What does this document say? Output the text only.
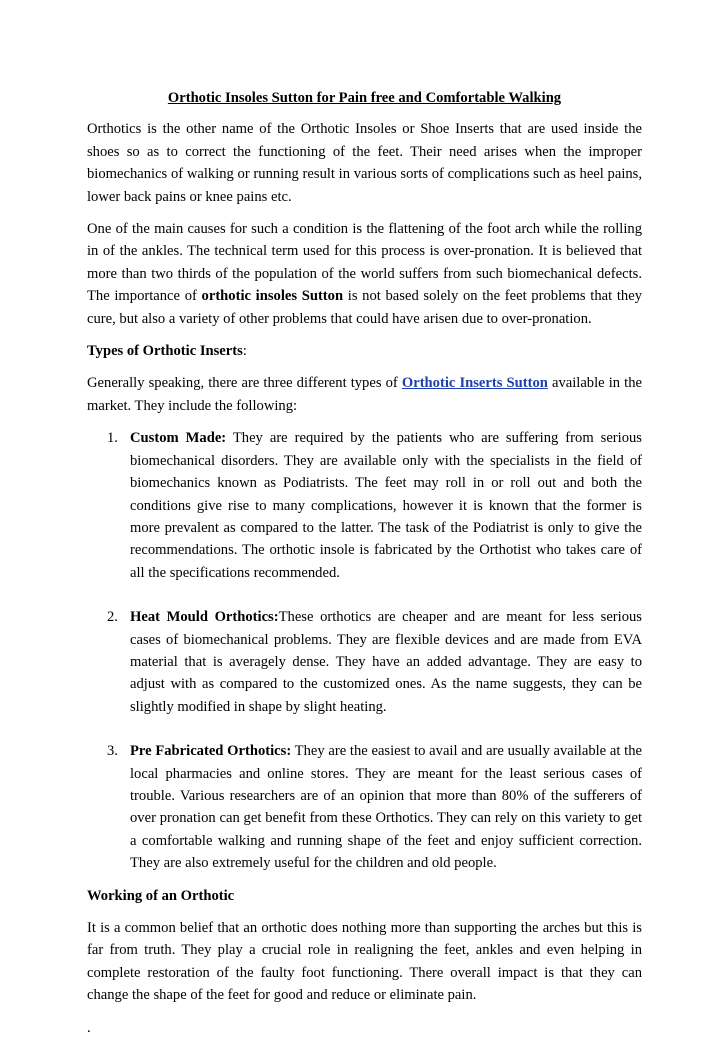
Orthotic Insoles Sutton for Pain free and Comfortable Walking

Orthotics is the other name of the Orthotic Insoles or Shoe Inserts that are used inside the shoes so as to correct the functioning of the feet. Their need arises when the improper biomechanics of walking or running result in various sorts of complications such as heel pains, lower back pains or knee pains etc.

One of the main causes for such a condition is the flattening of the foot arch while the rolling in of the ankles. The technical term used for this process is over-pronation. It is believed that more than two thirds of the population of the world suffers from such biomechanical defects. The importance of orthotic insoles Sutton is not based solely on the feet problems that they cure, but also a variety of other problems that could have arisen due to over-pronation.

Types of Orthotic Inserts:

Generally speaking, there are three different types of Orthotic Inserts Sutton available in the market. They include the following:

1. Custom Made: They are required by the patients who are suffering from serious biomechanical disorders. They are available only with the specialists in the field of biomechanics known as Podiatrists. The feet may roll in or roll out and both the conditions give rise to many complications, however it is known that the former is more prevalent as compared to the latter. The task of the Podiatrist is only to give the recommendations. The orthotic insole is fabricated by the Orthotist who takes care of all the specifications recommended.
2. Heat Mould Orthotics:These orthotics are cheaper and are meant for less serious cases of biomechanical problems. They are flexible devices and are made from EVA material that is averagely dense. They have an added advantage. They are easy to adjust with as compared to the customized ones. As the name suggests, they can be slightly modified in shape by slight heating.
3. Pre Fabricated Orthotics: They are the easiest to avail and are usually available at the local pharmacies and online stores. They are meant for the least serious cases of trouble. Various researchers are of an opinion that more than 80% of the sufferers of over pronation can get benefit from these Orthotics. They can rely on this variety to get a comfortable walking and running shape of the feet and enjoy sufficient correction. They are also extremely useful for the children and old people.
Working of an Orthotic

It is a common belief that an orthotic does nothing more than supporting the arches but this is far from truth. They play a crucial role in realigning the feet, ankles and even helping in complete restoration of the faulty foot functioning. There overall impact is that they can change the shape of the feet for good and reduce or eliminate pain.

.
